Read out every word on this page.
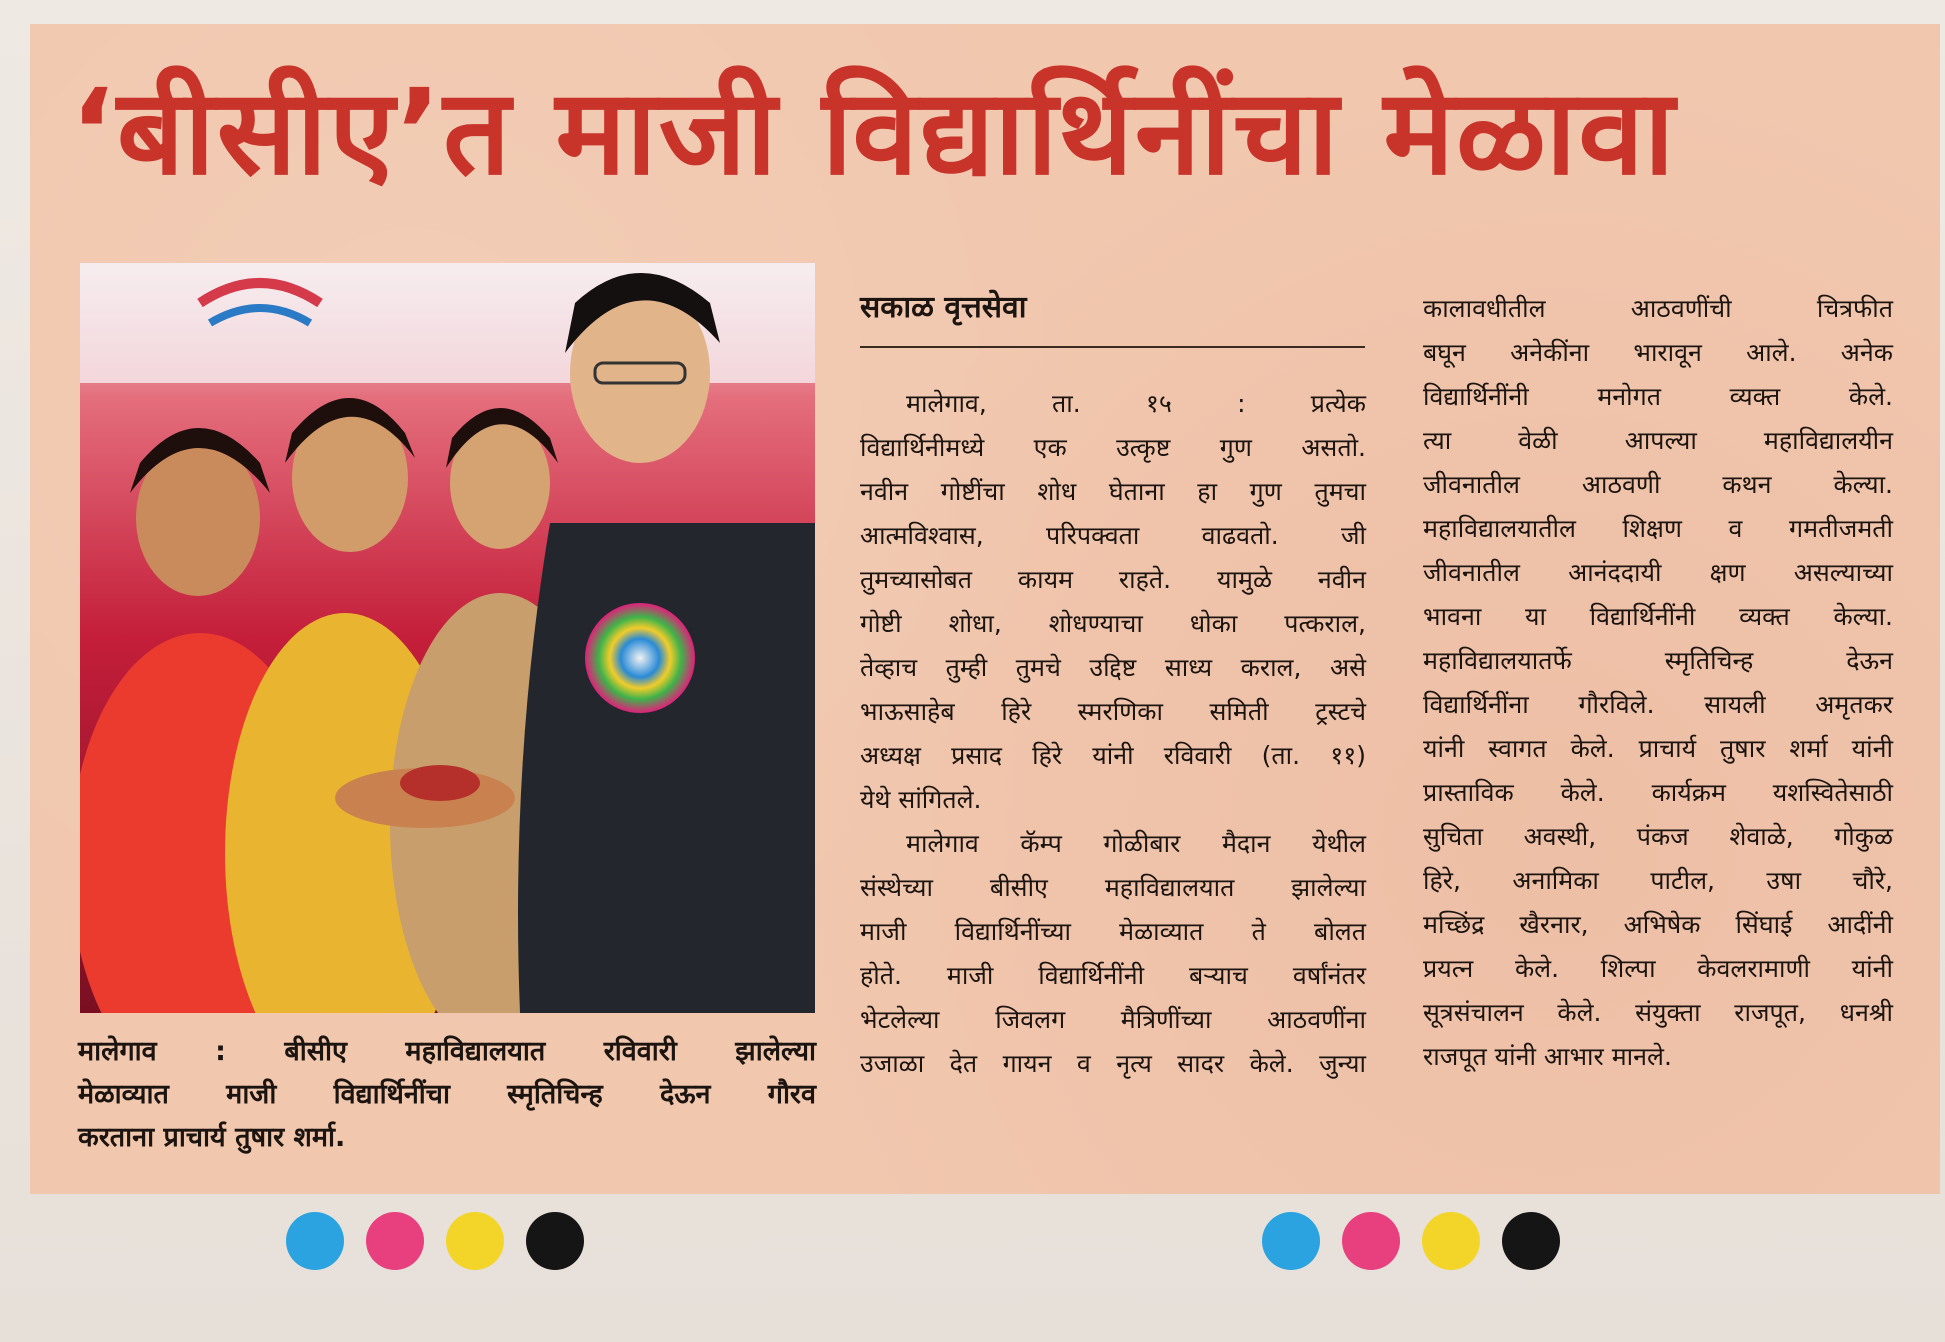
‘बीसीए’त माजी विद्यार्थिनींचा मेळावा

मालेगाव : बीसीए महाविद्यालयात रविवारी झालेल्या
मेळाव्यात माजी विद्यार्थिनींचा स्मृतिचिन्ह देऊन गौरव
करताना प्राचार्य तुषार शर्मा.

सकाळ वृत्तसेवा

मालेगाव, ता. १५ : प्रत्येक
विद्यार्थिनीमध्ये एक उत्कृष्ट गुण असतो.
नवीन गोष्टींचा शोध घेताना हा गुण तुमचा
आत्मविश्वास, परिपक्वता वाढवतो. जी
तुमच्यासोबत कायम राहते. यामुळे नवीन
गोष्टी शोधा, शोधण्याचा धोका पत्कराल,
तेव्हाच तुम्ही तुमचे उद्दिष्ट साध्य कराल, असे
भाऊसाहेब हिरे स्मरणिका समिती ट्रस्टचे
अध्यक्ष प्रसाद हिरे यांनी रविवारी (ता. ११)
येथे सांगितले.

मालेगाव कॅम्प गोळीबार मैदान येथील
संस्थेच्या बीसीए महाविद्यालयात झालेल्या
माजी विद्यार्थिनींच्या मेळाव्यात ते बोलत
होते. माजी विद्यार्थिनींनी बऱ्याच वर्षांनंतर
भेटलेल्या जिवलग मैत्रिणींच्या आठवणींना
उजाळा देत गायन व नृत्य सादर केले. जुन्या

कालावधीतील आठवणींची चित्रफीत
बघून अनेकींना भारावून आले. अनेक
विद्यार्थिनींनी मनोगत व्यक्त केले.
त्या वेळी आपल्या महाविद्यालयीन
जीवनातील आठवणी कथन केल्या.
महाविद्यालयातील शिक्षण व गमतीजमती
जीवनातील आनंददायी क्षण असल्याच्या
भावना या विद्यार्थिनींनी व्यक्त केल्या.
महाविद्यालयातर्फे स्मृतिचिन्ह देऊन
विद्यार्थिनींना गौरविले. सायली अमृतकर
यांनी स्वागत केले. प्राचार्य तुषार शर्मा यांनी
प्रास्ताविक केले. कार्यक्रम यशस्वितेसाठी
सुचिता अवस्थी, पंकज शेवाळे, गोकुळ
हिरे, अनामिका पाटील, उषा चौरे,
मच्छिंद्र खैरनार, अभिषेक सिंघाई आदींनी
प्रयत्न केले. शिल्पा केवलरामाणी यांनी
सूत्रसंचालन केले. संयुक्ता राजपूत, धनश्री
राजपूत यांनी आभार मानले.
